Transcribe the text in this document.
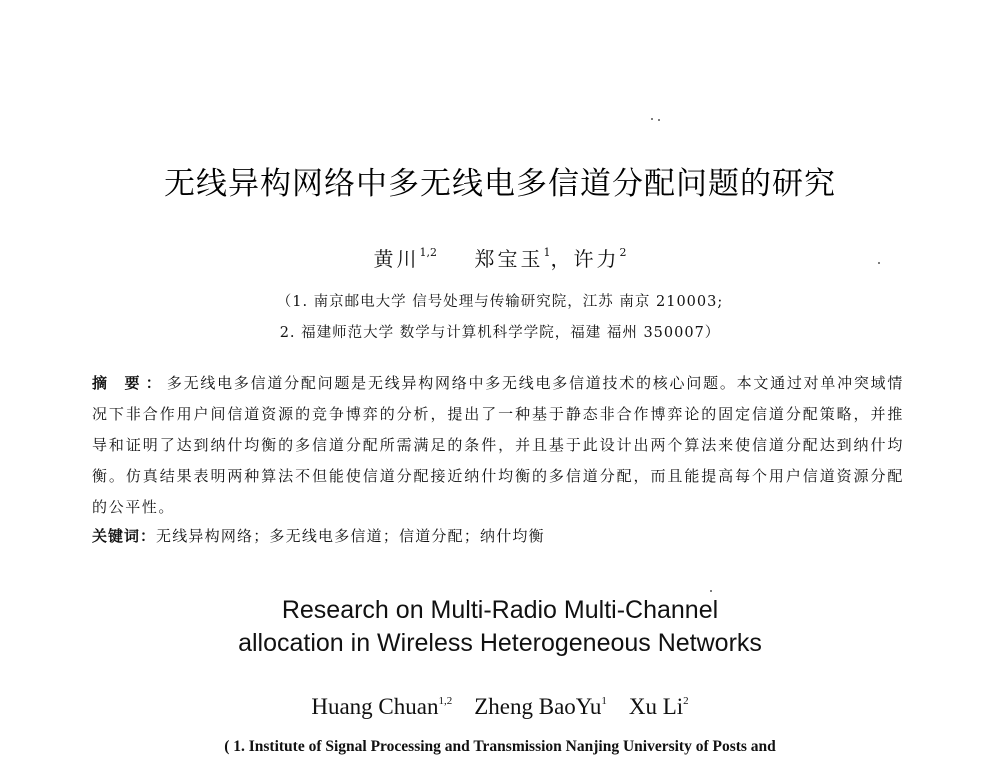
无线异构网络中多无线电多信道分配问题的研究
黄川$^{1,2}$ 郑宝玉$^1$，许力$^2$
（1. 南京邮电大学 信号处理与传输研究院，江苏 南京 210003;
2. 福建师范大学 数学与计算机科学学院，福建 福州 350007）
摘 要：多无线电多信道分配问题是无线异构网络中多无线电多信道技术的核心问题。本文通过对单冲突域情况下非合作用户间信道资源的竞争博弈的分析，提出了一种基于静态非合作博弈论的固定信道分配策略，并推导和证明了达到纳什均衡的多信道分配所需满足的条件，并且基于此设计出两个算法来使信道分配达到纳什均衡。仿真结果表明两种算法不但能使信道分配接近纳什均衡的多信道分配，而且能提高每个用户信道资源分配的公平性。
关键词：无线异构网络；多无线电多信道；信道分配；纳什均衡
Research on Multi-Radio Multi-Channel
allocation in Wireless Heterogeneous Networks
Huang Chuan$^{1,2}$ Zheng BaoYu$^1$ Xu Li$^2$
( 1. Institute of Signal Processing and Transmission Nanjing University of Posts and
